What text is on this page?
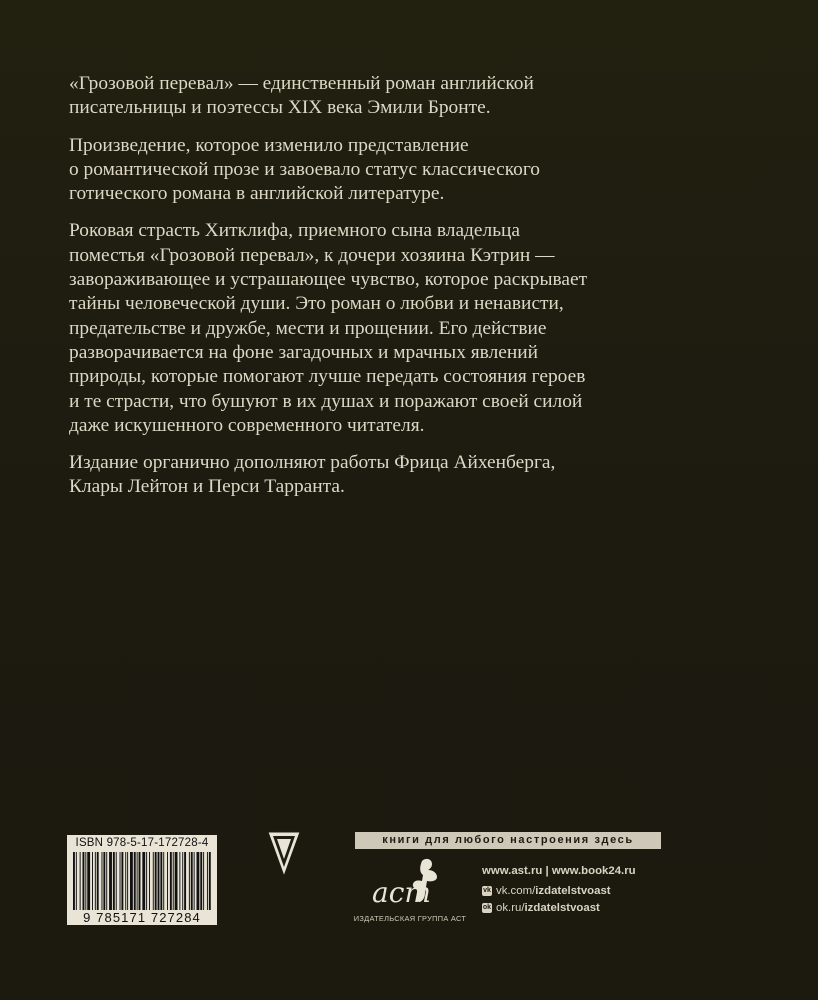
«Грозовой перевал» — единственный роман английской
писательницы и поэтессы XIX века Эмили Бронте.

Произведение, которое изменило представление
о романтической прозе и завоевало статус классического
готического романа в английской литературе.

Роковая страсть Хитклифа, приемного сына владельца
поместья «Грозовой перевал», к дочери хозяина Кэтрин —
завораживающее и устрашающее чувство, которое раскрывает
тайны человеческой души. Это роман о любви и ненависти,
предательстве и дружбе, мести и прощении. Его действие
разворачивается на фоне загадочных и мрачных явлений
природы, которые помогают лучше передать состояния героев
и те страсти, что бушуют в их душах и поражают своей силой
даже искушенного современного читателя.

Издание органично дополняют работы Фрица Айхенберга,
Клары Лейтон и Перси Тарранта.

ISBN 978-5-17-172728-4
9 785171 727284
книги для любого настроения здесь
аст
ИЗДАТЕЛЬСКАЯ ГРУППА АСТ
www.ast.ru | www.book24.ru
vk vk.com/ izdatelstvoast
ok ok.ru/ izdatelstvoast
